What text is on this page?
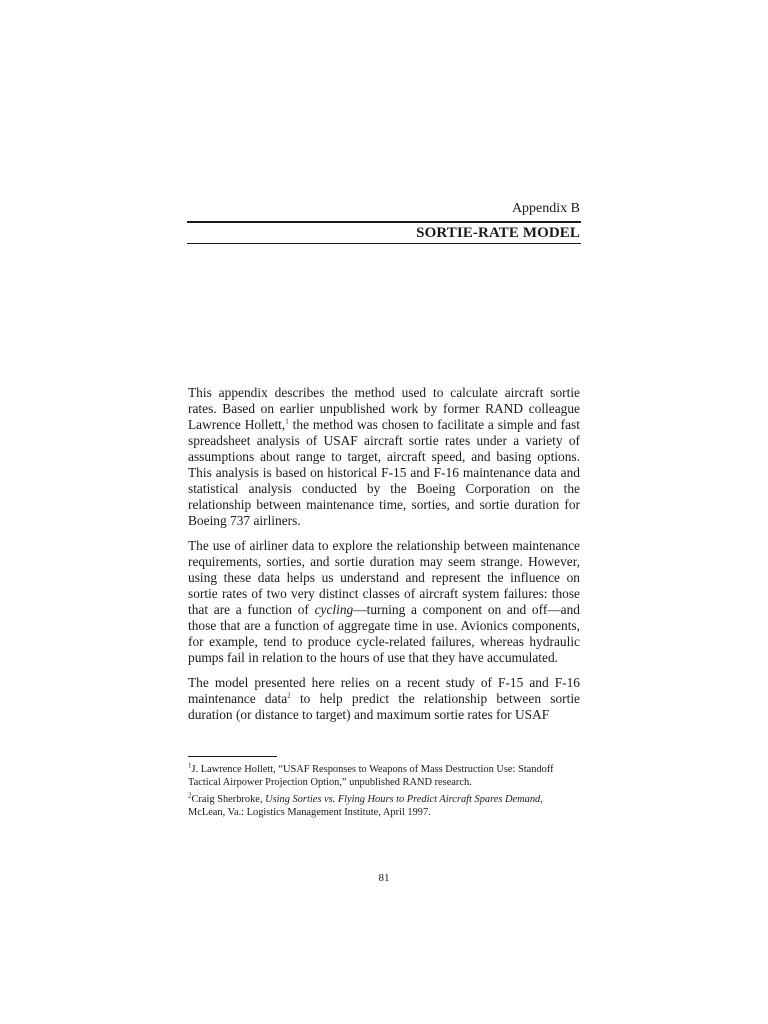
Appendix B
SORTIE-RATE MODEL

This appendix describes the method used to calculate aircraft sortie rates. Based on earlier unpublished work by former RAND colleague Lawrence Hollett,$^1$ the method was chosen to facilitate a simple and fast spreadsheet analysis of USAF aircraft sortie rates under a variety of assumptions about range to target, aircraft speed, and basing options. This analysis is based on historical F-15 and F-16 maintenance data and statistical analysis conducted by the Boeing Corporation on the relationship between maintenance time, sorties, and sortie duration for Boeing 737 airliners.

The use of airliner data to explore the relationship between maintenance requirements, sorties, and sortie duration may seem strange. However, using these data helps us understand and represent the influence on sortie rates of two very distinct classes of aircraft system failures: those that are a function of cycling—turning a component on and off—and those that are a function of aggregate time in use. Avionics components, for example, tend to produce cycle-related failures, whereas hydraulic pumps fail in relation to the hours of use that they have accumulated.

The model presented here relies on a recent study of F-15 and F-16 maintenance data$^2$ to help predict the relationship between sortie duration (or distance to target) and maximum sortie rates for USAF

$^1$J. Lawrence Hollett, “USAF Responses to Weapons of Mass Destruction Use: Standoff Tactical Airpower Projection Option,” unpublished RAND research.

$^2$Craig Sherbroke, Using Sorties vs. Flying Hours to Predict Aircraft Spares Demand, McLean, Va.: Logistics Management Institute, April 1997.

81
